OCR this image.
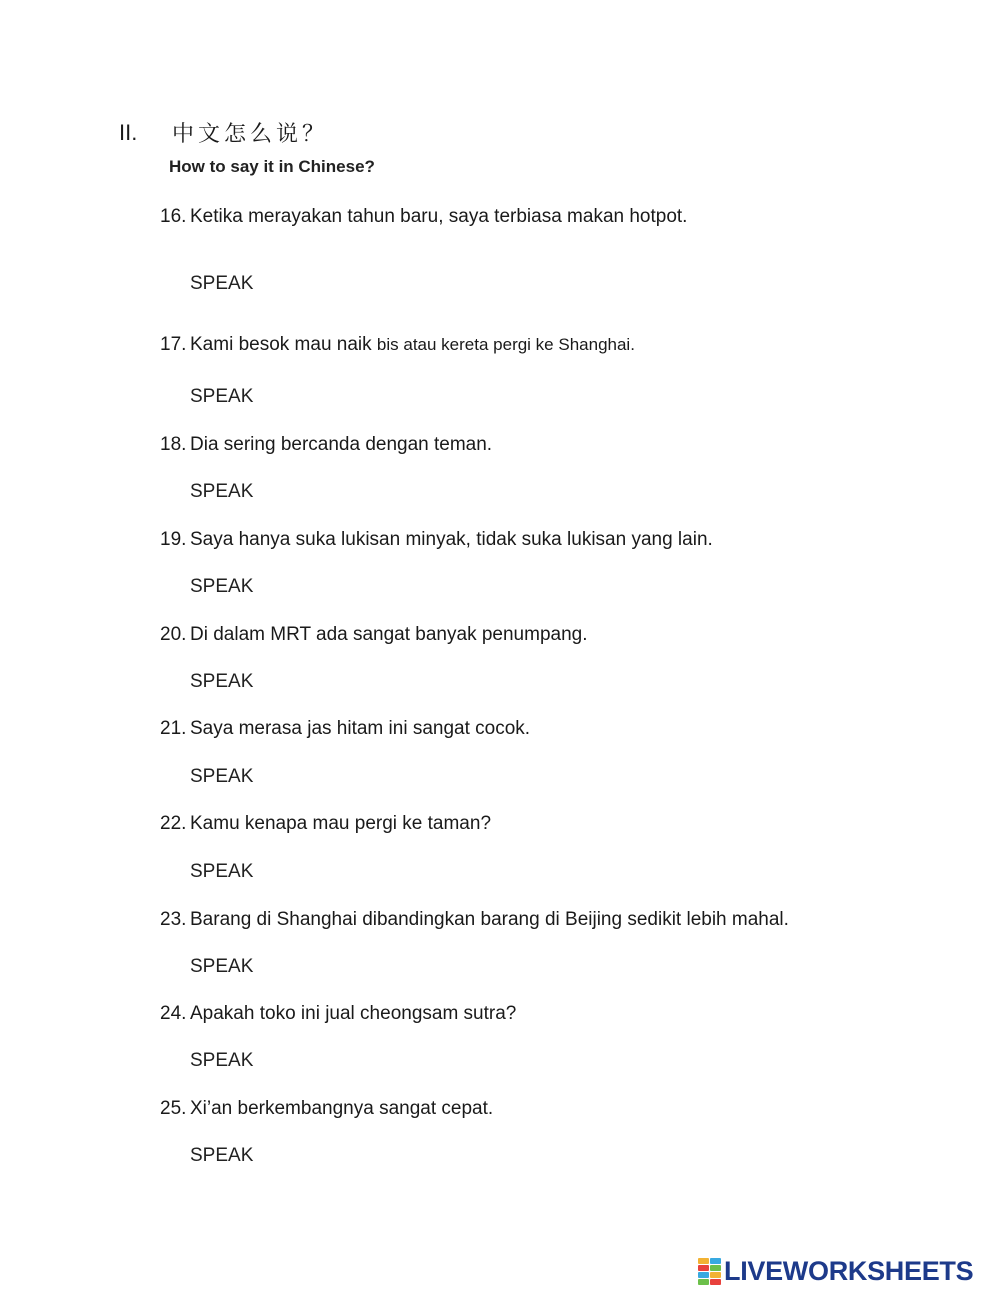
II. 中文怎么说？
How to say it in Chinese?
16. Ketika merayakan tahun baru, saya terbiasa makan hotpot.
SPEAK
17. Kami besok mau naik bis atau kereta pergi ke Shanghai.
SPEAK
18. Dia sering bercanda dengan teman.
SPEAK
19. Saya hanya suka lukisan minyak, tidak suka lukisan yang lain.
SPEAK
20. Di dalam MRT ada sangat banyak penumpang.
SPEAK
21. Saya merasa jas hitam ini sangat cocok.
SPEAK
22. Kamu kenapa mau pergi ke taman?
SPEAK
23. Barang di Shanghai dibandingkan barang di Beijing sedikit lebih mahal.
SPEAK
24. Apakah toko ini jual cheongsam sutra?
SPEAK
25. Xi’an berkembangnya sangat cepat.
SPEAK
LIVEWORKSHEETS
